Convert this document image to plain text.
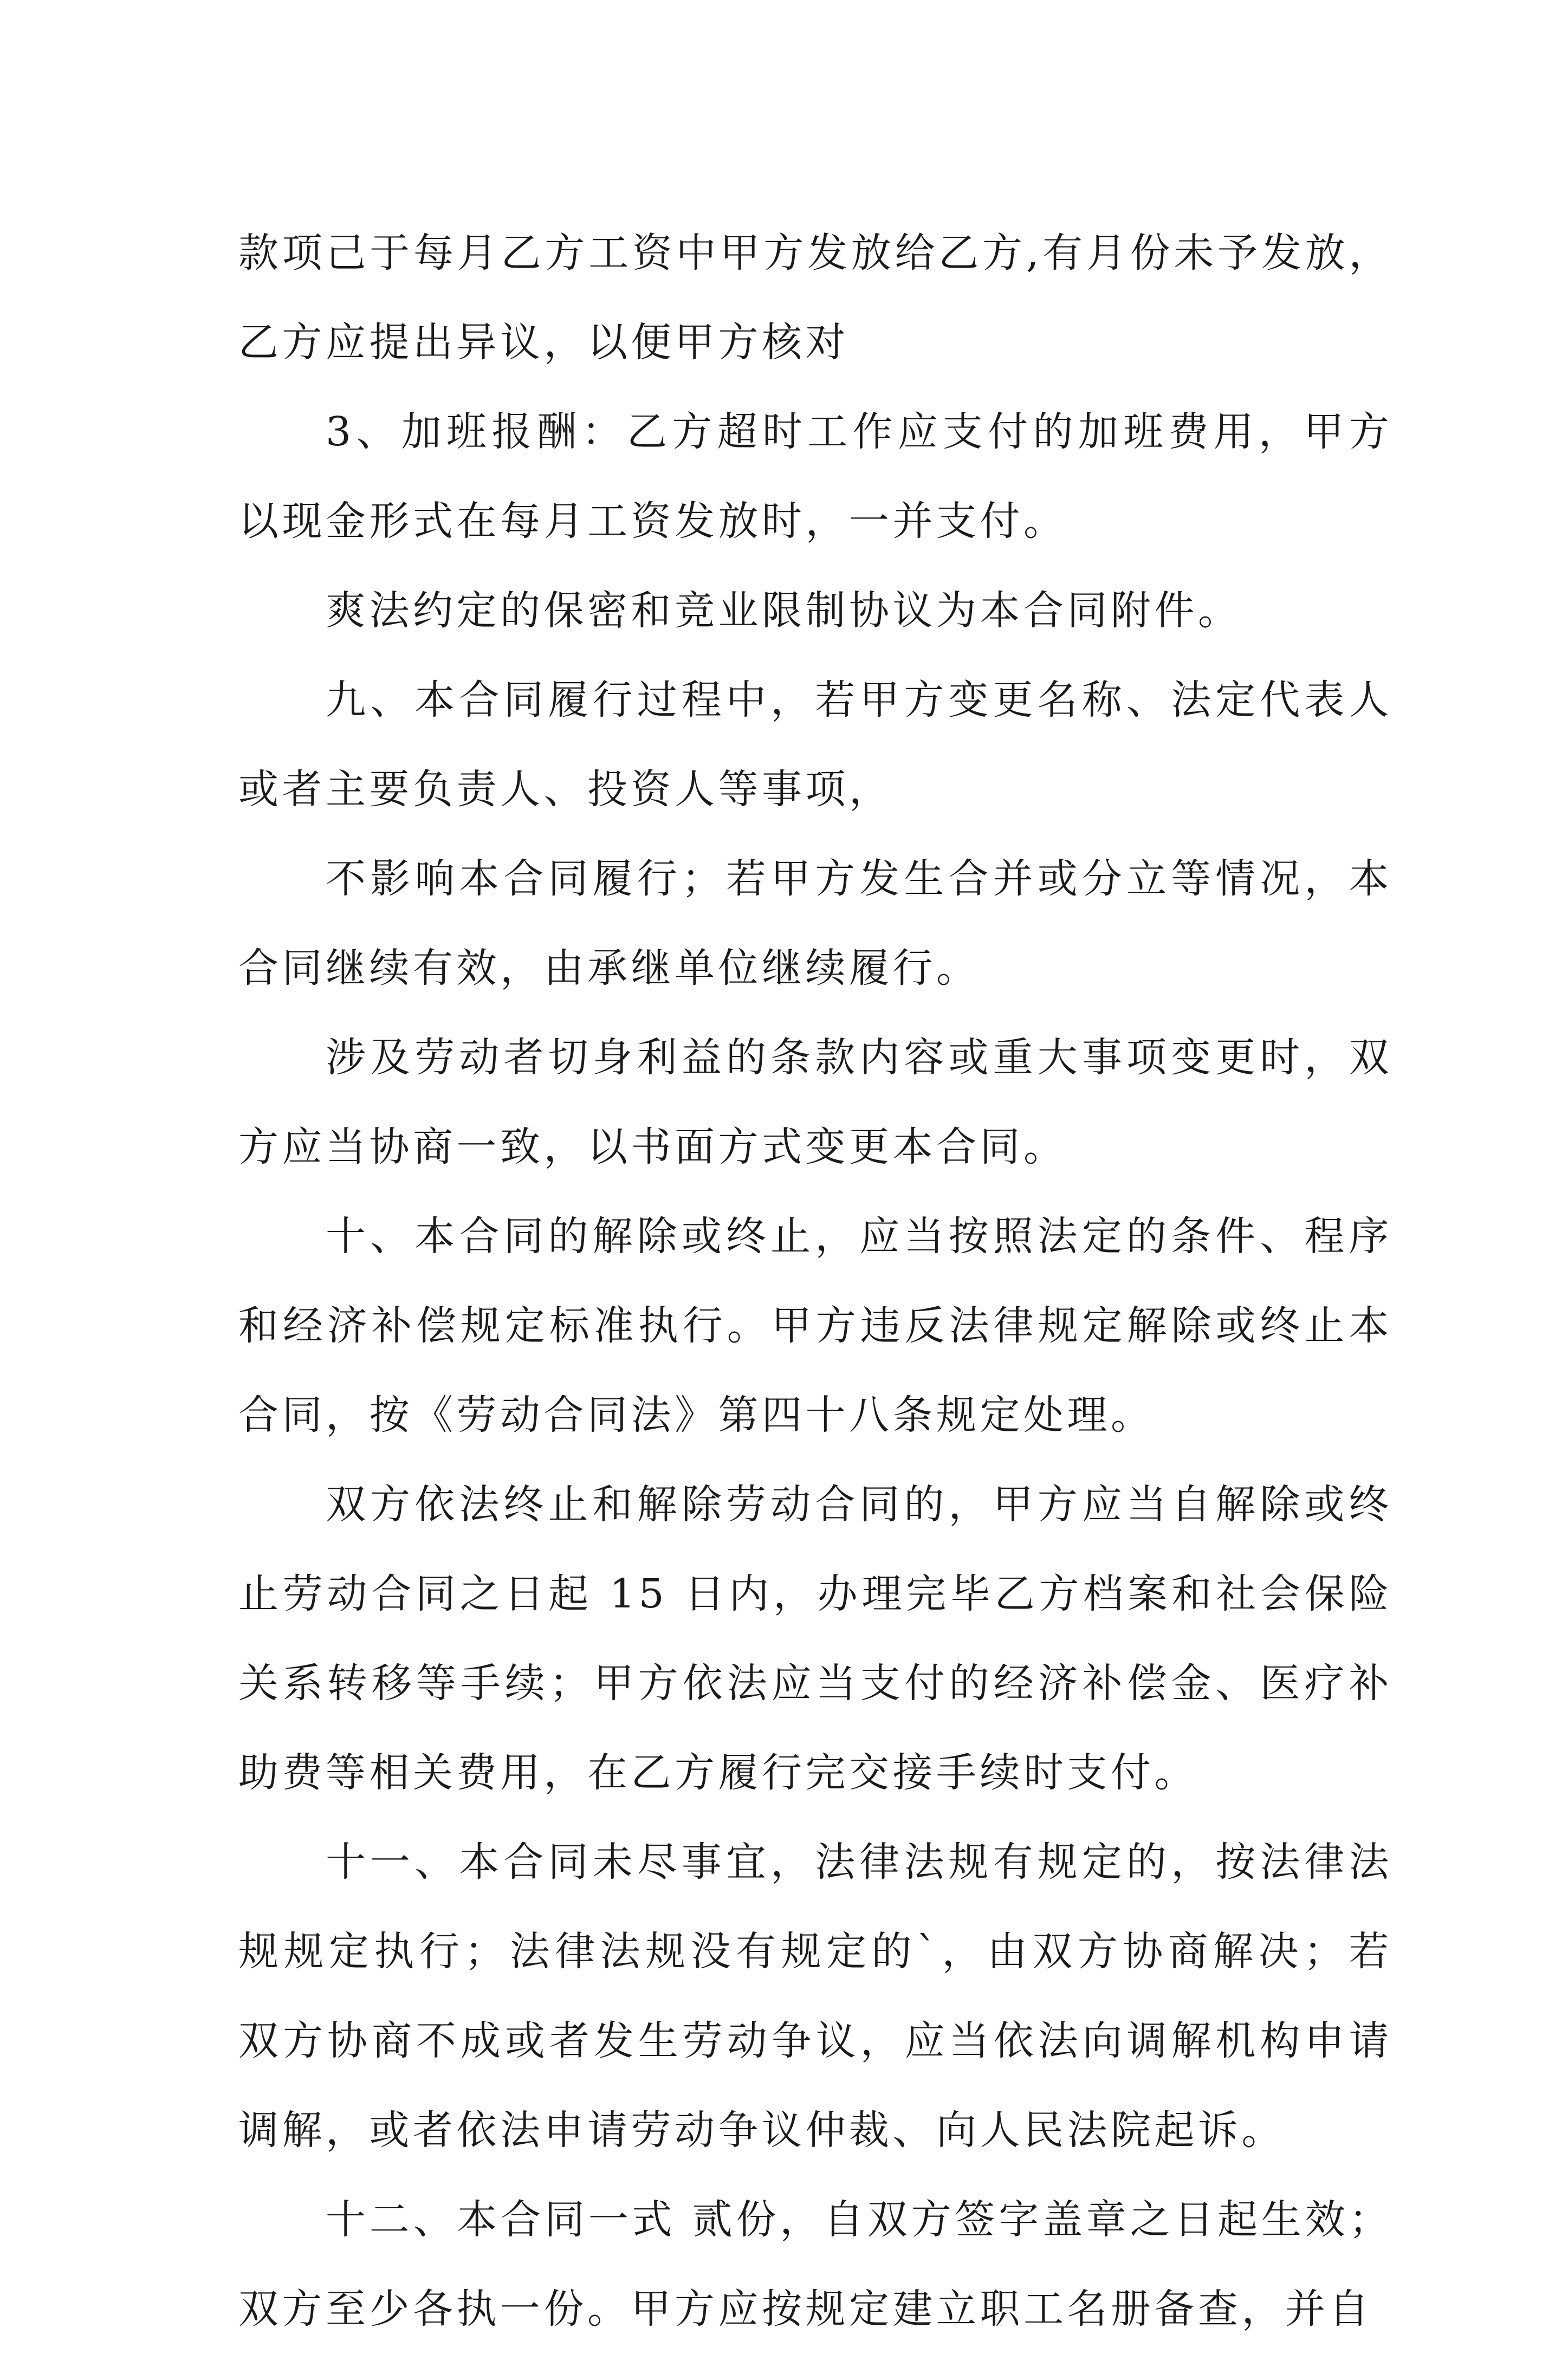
款项己于每月乙方工资中甲方发放给乙方,有月份未予发放，乙方应提出异议，以便甲方核对

3、加班报酬：乙方超时工作应支付的加班费用，甲方以现金形式在每月工资发放时，一并支付。

爽法约定的保密和竞业限制协议为本合同附件。

九、本合同履行过程中，若甲方变更名称、法定代表人或者主要负责人、投资人等事项，

不影响本合同履行；若甲方发生合并或分立等情况，本合同继续有效，由承继单位继续履行。

涉及劳动者切身利益的条款内容或重大事项变更时，双方应当协商一致，以书面方式变更本合同。

十、本合同的解除或终止，应当按照法定的条件、程序和经济补偿规定标准执行。甲方违反法律规定解除或终止本合同，按《劳动合同法》第四十八条规定处理。

双方依法终止和解除劳动合同的，甲方应当自解除或终止劳动合同之日起 15 日内，办理完毕乙方档案和社会保险关系转移等手续；甲方依法应当支付的经济补偿金、医疗补助费等相关费用，在乙方履行完交接手续时支付。

十一、本合同未尽事宜，法律法规有规定的，按法律法规规定执行；法律法规没有规定的`，由双方协商解决；若双方协商不成或者发生劳动争议，应当依法向调解机构申请调解，或者依法申请劳动争议仲裁、向人民法院起诉。

十二、本合同一式 贰份，自双方签字盖章之日起生效；双方至少各执一份。甲方应按规定建立职工名册备查，并自
